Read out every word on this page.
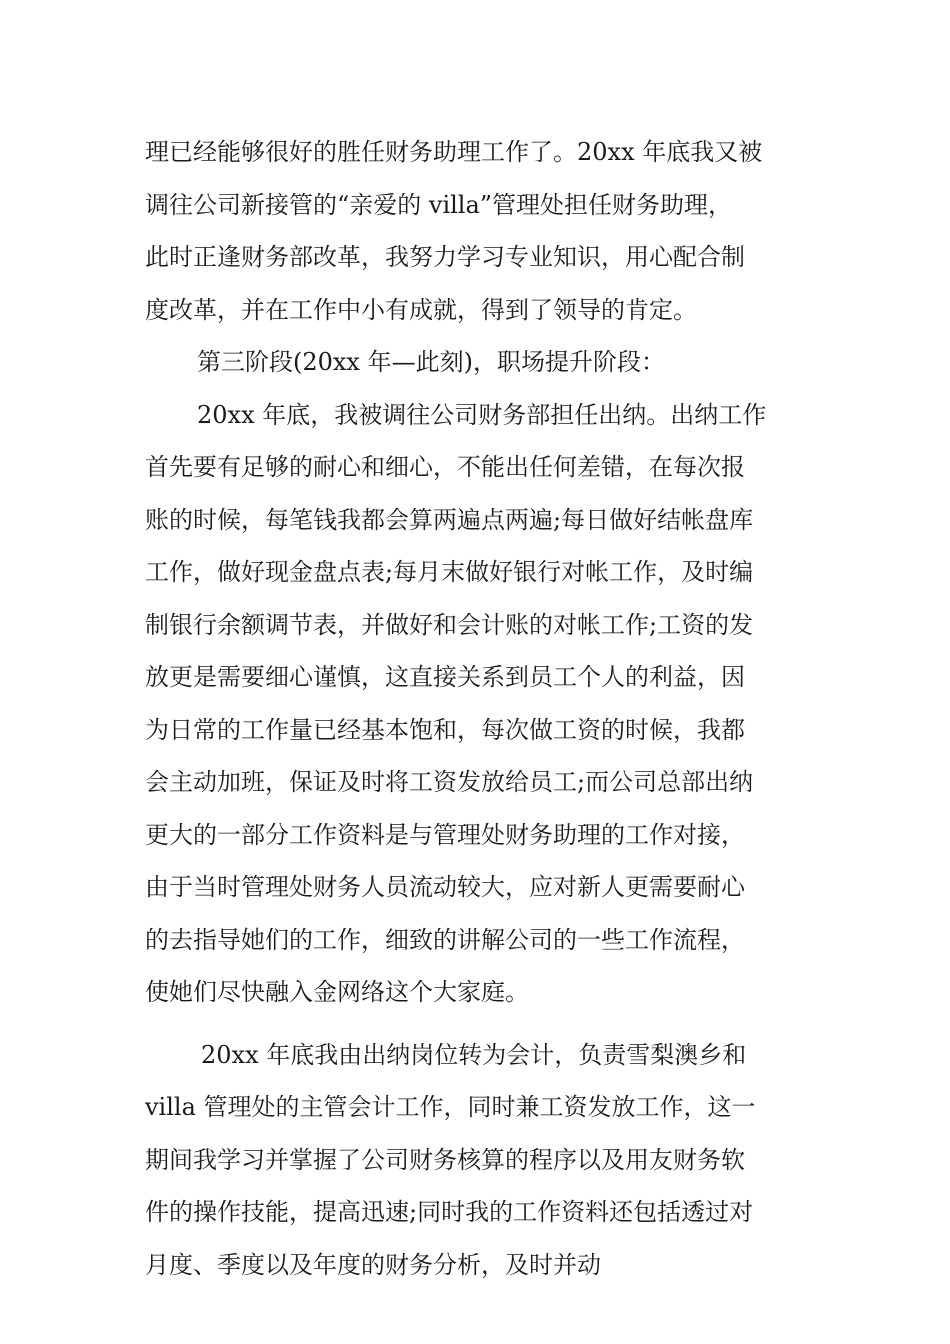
理已经能够很好的胜任财务助理工作了。20xx 年底我又被
调往公司新接管的“亲爱的 villa”管理处担任财务助理，
此时正逢财务部改革，我努力学习专业知识，用心配合制
度改革，并在工作中小有成就，得到了领导的肯定。
第三阶段(20xx 年—此刻)，职场提升阶段：
20xx 年底，我被调往公司财务部担任出纳。出纳工作
首先要有足够的耐心和细心，不能出任何差错，在每次报
账的时候，每笔钱我都会算两遍点两遍;每日做好结帐盘库
工作，做好现金盘点表;每月末做好银行对帐工作，及时编
制银行余额调节表，并做好和会计账的对帐工作;工资的发
放更是需要细心谨慎，这直接关系到员工个人的利益，因
为日常的工作量已经基本饱和，每次做工资的时候，我都
会主动加班，保证及时将工资发放给员工;而公司总部出纳
更大的一部分工作资料是与管理处财务助理的工作对接，
由于当时管理处财务人员流动较大，应对新人更需要耐心
的去指导她们的工作，细致的讲解公司的一些工作流程，
使她们尽快融入金网络这个大家庭。
20xx 年底我由出纳岗位转为会计，负责雪梨澳乡和
villa 管理处的主管会计工作，同时兼工资发放工作，这一
期间我学习并掌握了公司财务核算的程序以及用友财务软
件的操作技能，提高迅速;同时我的工作资料还包括透过对
月度、季度以及年度的财务分析，及时并动
